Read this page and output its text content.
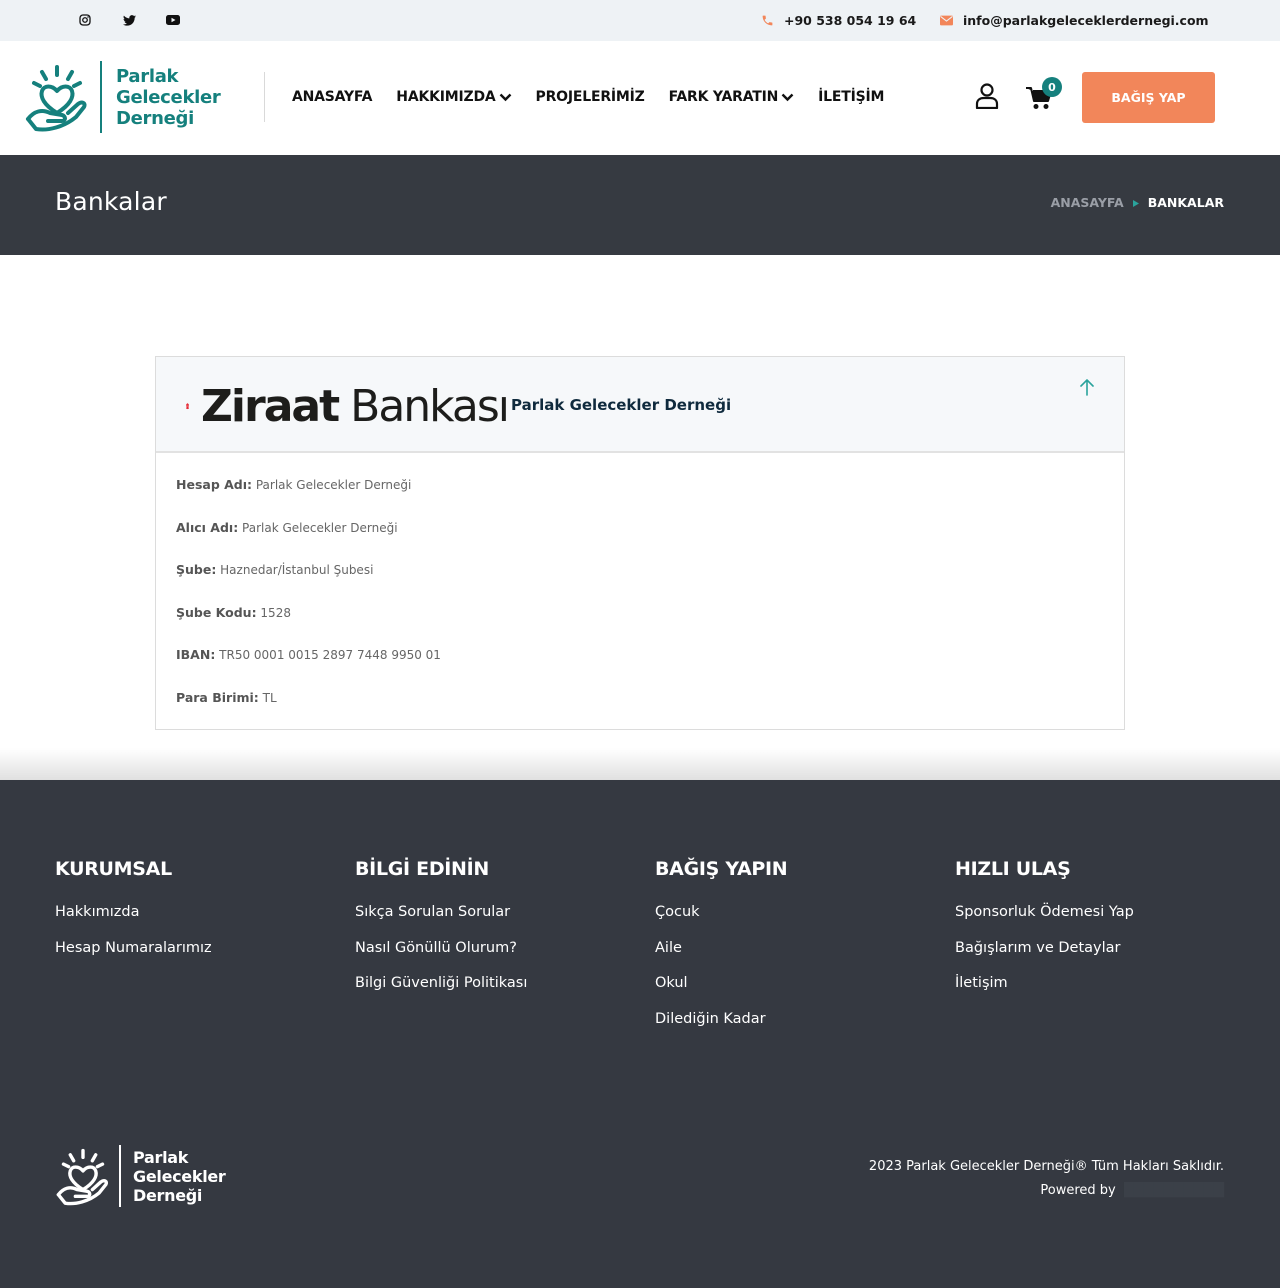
+90 538 054 19 64	info@parlakgeleceklerdernegi.com
Parlak
Gelecekler
Derneği
ANASAYFA HAKKIMIZDA	PROJELERİMİZ FARK YARATIN	İLETİŞİM
0
BAĞIŞ YAP
Bankalar	ANASAYFA BANKALAR
Ziraat Bankası Parlak Gelecekler Derneği
Hesap Adı: Parlak Gelecekler Derneği
Alıcı Adı: Parlak Gelecekler Derneği
Şube: Haznedar/İstanbul Şubesi
Şube Kodu: 1528
IBAN: TR50 0001 0015 2897 7448 9950 01
Para Birimi: TL
KURUMSAL
Hakkımızda
Hesap Numaralarımız
BİLGİ EDİNİN
Sıkça Sorulan Sorular
Nasıl Gönüllü Olurum?
Bilgi Güvenliği Politikası
BAĞIŞ YAPIN
Çocuk
Aile
Okul
Dilediğin Kadar
HIZLI ULAŞ
Sponsorluk Ödemesi Yap
Bağışlarım ve Detaylar
İletişim
Parlak
Gelecekler
Derneği
2023 Parlak Gelecekler Derneği® Tüm Hakları Saklıdır.
Powered by  ██████████
